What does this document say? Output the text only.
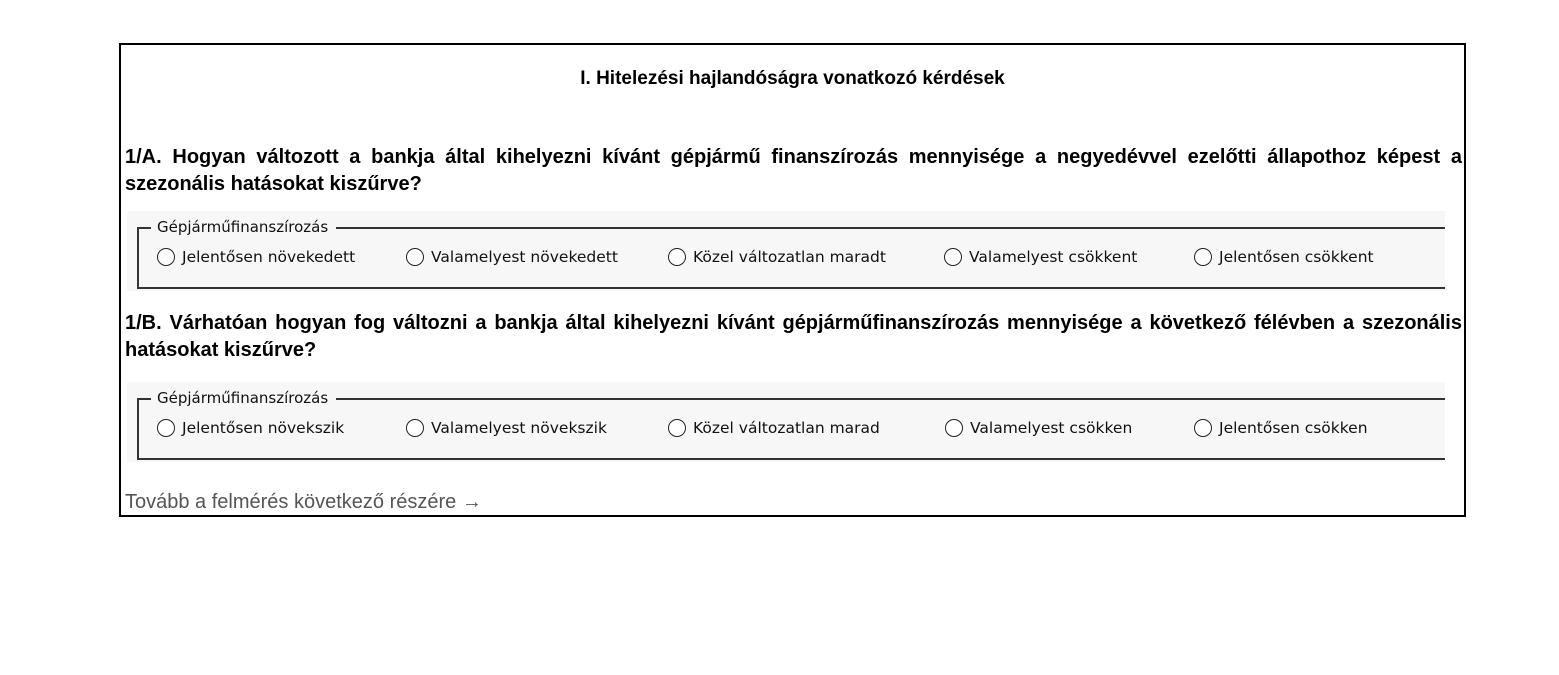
I. Hitelezési hajlandóságra vonatkozó kérdések
1/A. Hogyan változott a bankja által kihelyezni kívánt gépjármű finanszírozás mennyisége a negyedévvel ezelőtti állapothoz képest a szezonális hatásokat kiszűrve?
Gépjárműfinanszírozás
Jelentősen növekedett	Valamelyest növekedett	Közel változatlan maradt	Valamelyest csökkent	Jelentősen csökkent
1/B. Várhatóan hogyan fog változni a bankja által kihelyezni kívánt gépjárműfinanszírozás mennyisége a következő félévben a szezonális hatásokat kiszűrve?
Gépjárműfinanszírozás
Jelentősen növekszik	Valamelyest növekszik	Közel változatlan marad	Valamelyest csökken	Jelentősen csökken
Tovább a felmérés következő részére →
